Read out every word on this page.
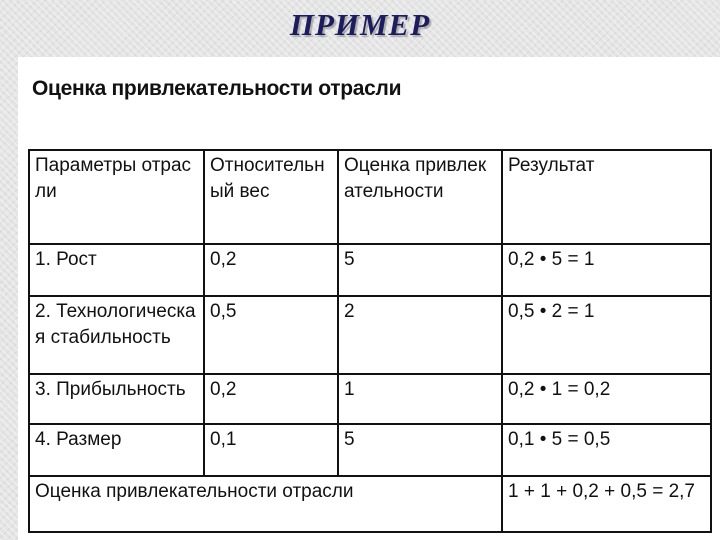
ПРИМЕР
Оценка привлекательности отрасли
Параметры отрасли	Относительный вес	Оценка привлекательности	Результат
1. Рост	0,2	5	0,2 • 5 = 1
2. Технологическая стабильность	0,5	2	0,5 • 2 = 1
3. Прибыльность	0,2	1	0,2 • 1 = 0,2
4. Размер	0,1	5	0,1 • 5 = 0,5
Оценка привлекательности отрасли			1 + 1 + 0,2 + 0,5 = 2,7
